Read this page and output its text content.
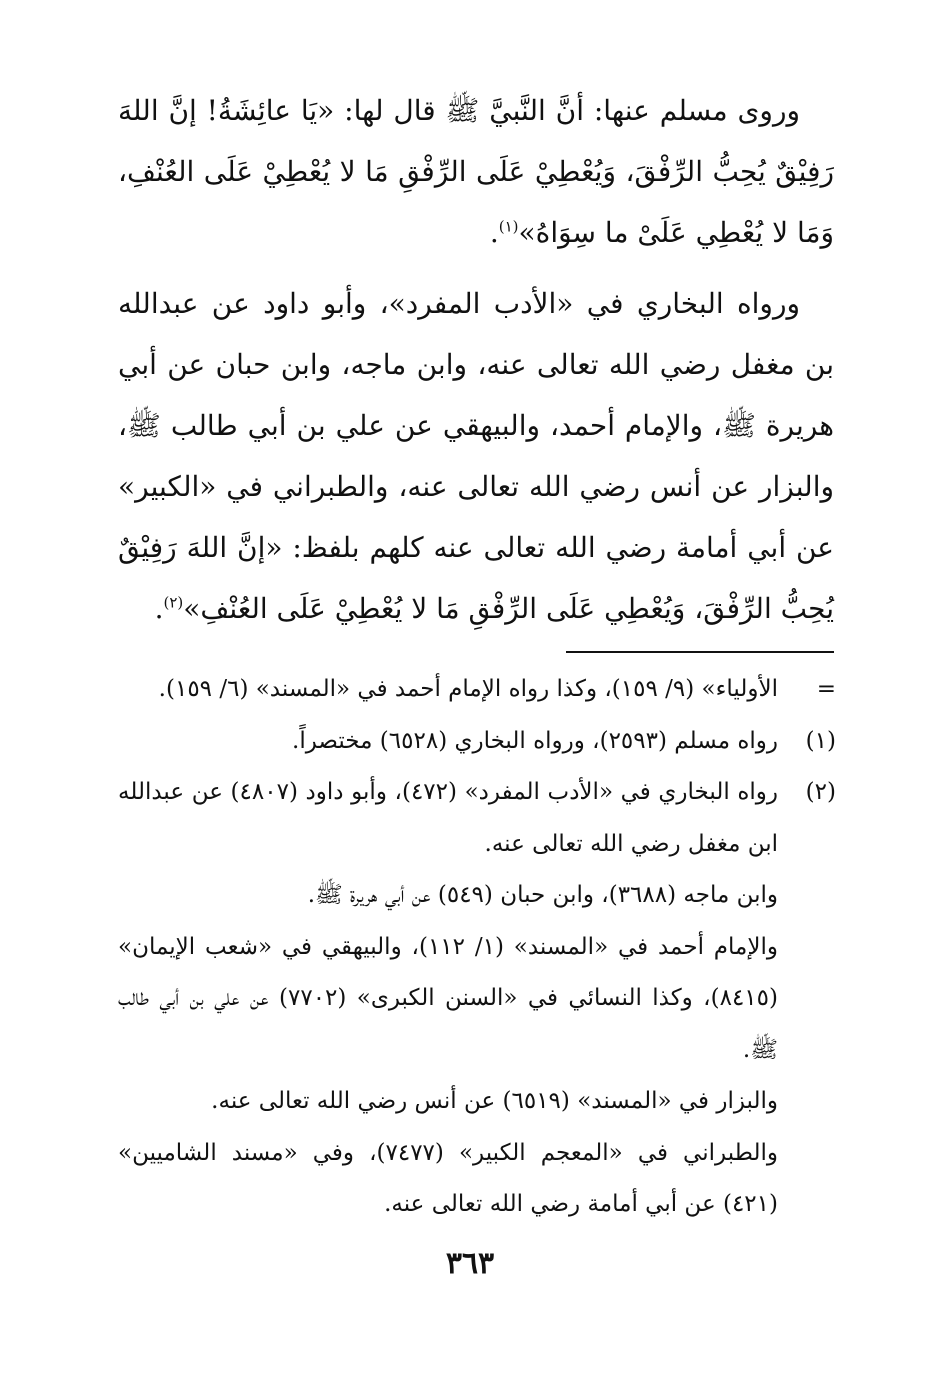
وروى مسلم عنها: أنَّ النَّبيَّ ﷺ قال لها: «يَا عائِشَةُ! إنَّ اللهَ رَفِيْقٌ يُحِبُّ الرِّفْقَ، وَيُعْطِيْ عَلَى الرِّفْقِ مَا لا يُعْطِيْ عَلَى العُنْفِ، وَمَا لا يُعْطِي عَلَىْ ما سِوَاهُ»$^{(١)}$.

ورواه البخاري في «الأدب المفرد»، وأبو داود عن عبدالله بن مغفل رضي الله تعالى عنه، وابن ماجه، وابن حبان عن أبي هريرة ﷺ، والإمام أحمد، والبيهقي عن علي بن أبي طالب ﷺ، والبزار عن أنس رضي الله تعالى عنه، والطبراني في «الكبير» عن أبي أمامة رضي الله تعالى عنه كلهم بلفظ: «إنَّ اللهَ رَفِيْقٌ يُحِبُّ الرِّفْقَ، وَيُعْطِي عَلَى الرِّفْقِ مَا لا يُعْطِيْ عَلَى العُنْفِ»$^{(٢)}$.

=
الأولياء» (٩/ ١٥٩)، وكذا رواه الإمام أحمد في «المسند» (٦/ ١٥٩).
(١)
رواه مسلم (٢٥٩٣)، ورواه البخاري (٦٥٢٨) مختصراً.
(٢)
رواه البخاري في «الأدب المفرد» (٤٧٢)، وأبو داود (٤٨٠٧) عن عبدالله ابن مغفل رضي الله تعالى عنه.
وابن ماجه (٣٦٨٨)، وابن حبان (٥٤٩) عن أبي هريرة ﷺ.
والإمام أحمد في «المسند» (١/ ١١٢)، والبيهقي في «شعب الإيمان» (٨٤١٥)، وكذا النسائي في «السنن الكبرى» (٧٧٠٢) عن علي بن أبي طالب ﷺ.
والبزار في «المسند» (٦٥١٩) عن أنس رضي الله تعالى عنه.
والطبراني في «المعجم الكبير» (٧٤٧٧)، وفي «مسند الشاميين» (٤٢١) عن أبي أمامة رضي الله تعالى عنه.
٣٦٣
